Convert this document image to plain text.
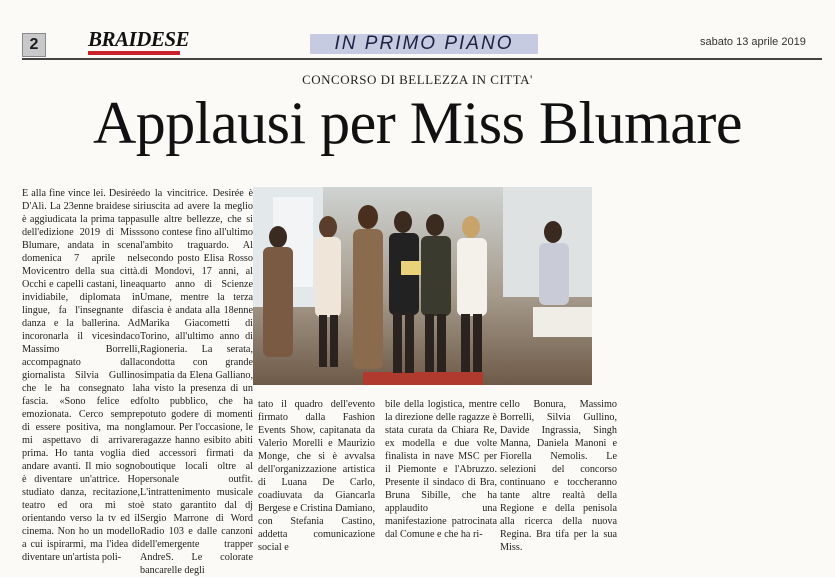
2	BRAIDESE	IN PRIMO PIANO	sabato 13 aprile 2019
CONCORSO DI BELLEZZA IN CITTA'
Applausi per Miss Blumare
E alla fine vince lei. Desirée D'Alì. La 23enne braidese si è aggiudicata la prima tappa dell'edizione 2019 di Miss Blumare, andata in scena domenica 7 aprile nel Movicentro della sua città. Occhi e capelli castani, linea invidiabile, diplomata in lingue, fa l'insegnante di danza e la ballerina. Ad incoronarla il vicesindaco Massimo Borrelli, accompagnato dalla giornalista Silvia Gullino che le ha consegnato la fascia. «Sono felice ed emozionata. Cerco sempre di essere positiva, ma non mi aspettavo di arrivare prima. Ho tanta voglia di andare avanti. Il mio sogno è diventare un'attrice. Ho studiato danza, recitazione, teatro ed ora mi sto orientando verso la tv ed il cinema. Non ho un modello a cui ispirarmi, ma l'idea di diventare un'artista poli-
do la vincitrice. Desirée è riuscita ad avere la meglio sulle altre bellezze, che si sono contese fino all'ultimo l'ambito traguardo. Al secondo posto Elisa Rosso di Mondovì, 17 anni, al quarto anno di Scienze Umane, mentre la terza fascia è andata alla 18enne Marika Giacometti di Torino, all'ultimo anno di Ragioneria. La serata, condotta con grande simpatia da Elena Galliano, ha visto la presenza di un folto pubblico, che ha potuto godere di momenti glamour. Per l'occasione, le ragazze hanno esibito abiti ed accessori firmati da boutique locali oltre al personale outfit. L'intrattenimento musicale è stato garantito dal dj Sergio Marrone di Word Radio 103 e dalle canzoni dell'emergente trapper AndreS. Le colorate bancarelle degli
tato il quadro dell'evento firmato dalla Fashion Events Show, capitanata da Valerio Morelli e Maurizio Monge, che si è avvalsa dell'organizzazione artistica di Luana De Carlo, coadiuvata da Giancarla Bergese e Cristina Damiano, con Stefania Castino, addetta comunicazione social e
bile della logistica, mentre la direzione delle ragazze è stata curata da Chiara Re, ex modella e due volte finalista in nave MSC per il Piemonte e l'Abruzzo. Presente il sindaco di Bra, Bruna Sibille, che ha applaudito una manifestazione patrocinata dal Comune e che ha ri-
cello Bonura, Massimo Borrelli, Silvia Gullino, Davide Ingrassia, Singh Manna, Daniela Manoni e Fiorella Nemolis. Le selezioni del concorso continuano e toccheranno tante altre realtà della Regione e della penisola alla ricerca della nuova Regina. Bra tifa per la sua Miss.
